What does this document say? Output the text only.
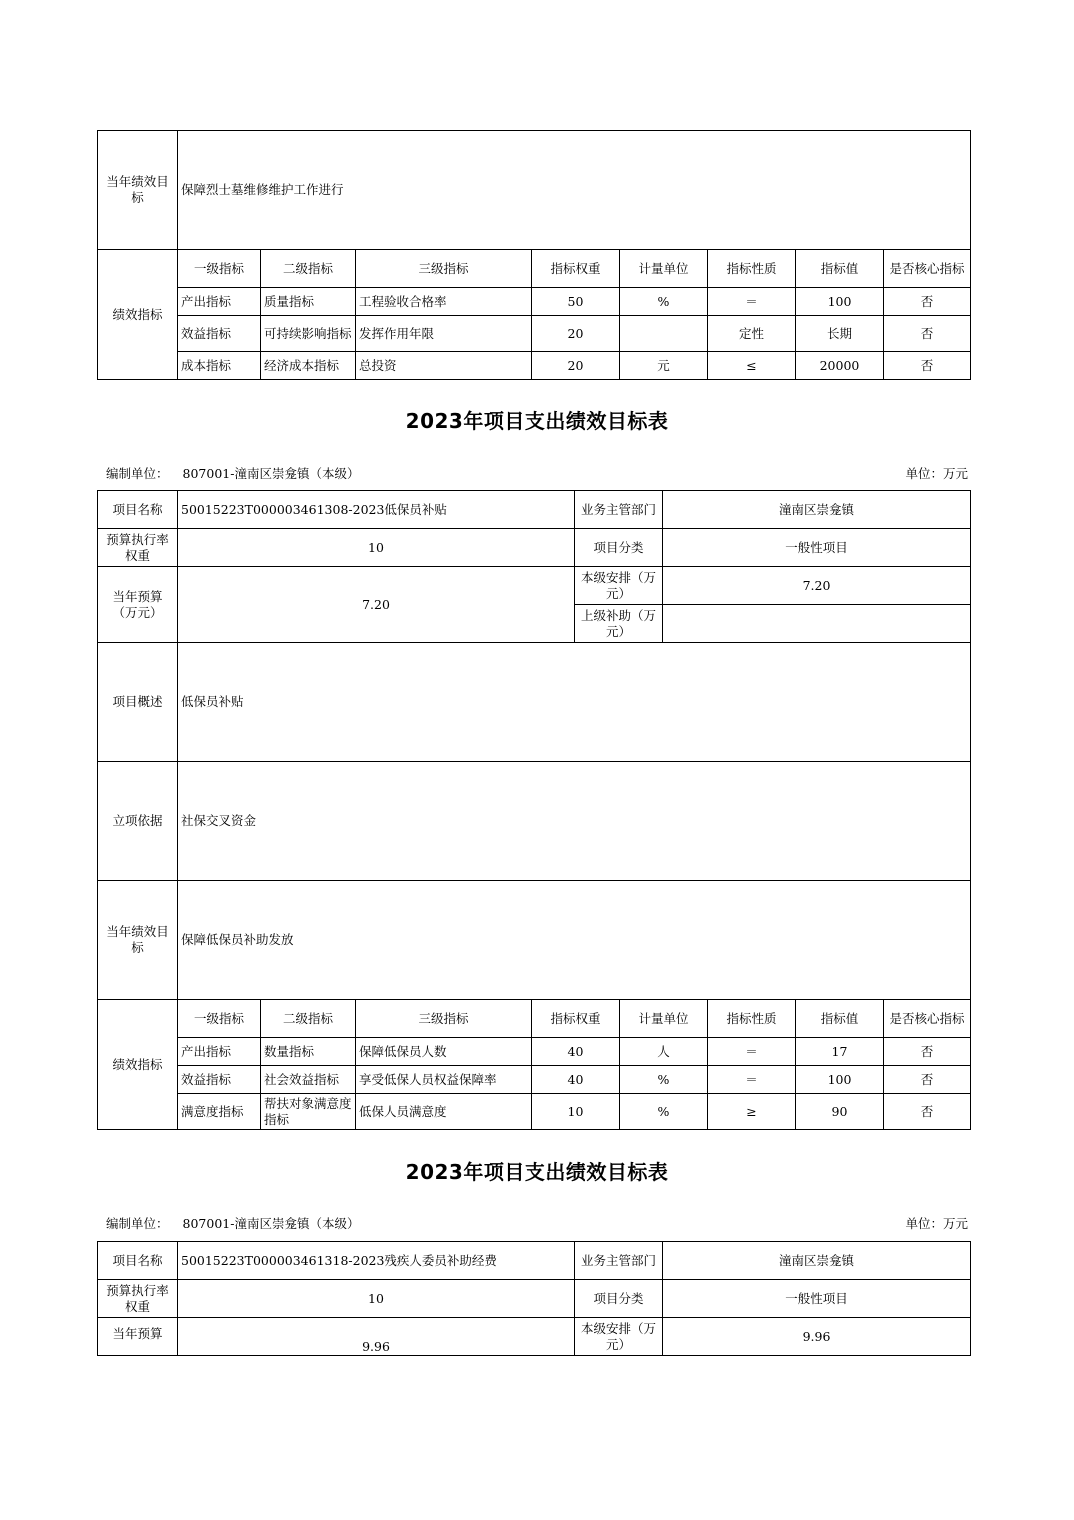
当年绩效目标	保障烈士墓维修维护工作进行							
绩效指标	一级指标	二级指标	三级指标	指标权重	计量单位	指标性质	指标值	是否核心指标
	产出指标	质量指标	工程验收合格率	50	%	＝	100	否
	效益指标	可持续影响指标	发挥作用年限	20		定性	长期	否
	成本指标	经济成本指标	总投资	20	元	≤	20000	否
2023年项目支出绩效目标表
编制单位： 807001-潼南区崇龛镇（本级）	单位：万元
项目名称	50015223T000003461308-2023低保员补贴	业务主管部门	潼南区崇龛镇
预算执行率权重	10	项目分类	一般性项目
当年预算（万元）	7.20	本级安排（万元）	7.20
		上级补助（万元）	
项目概述	低保员补贴							
立项依据	社保交叉资金							
当年绩效目标	保障低保员补助发放							
绩效指标	一级指标	二级指标	三级指标	指标权重	计量单位	指标性质	指标值	是否核心指标
	产出指标	数量指标	保障低保员人数	40	人	＝	17	否
	效益指标	社会效益指标	享受低保人员权益保障率	40	%	＝	100	否
	满意度指标	帮扶对象满意度指标	低保人员满意度	10	%	≥	90	否
2023年项目支出绩效目标表
编制单位： 807001-潼南区崇龛镇（本级）	单位：万元
项目名称	50015223T000003461318-2023残疾人委员补助经费	业务主管部门	潼南区崇龛镇
预算执行率权重	10	项目分类	一般性项目
当年预算	9.96	本级安排（万元）	9.96
